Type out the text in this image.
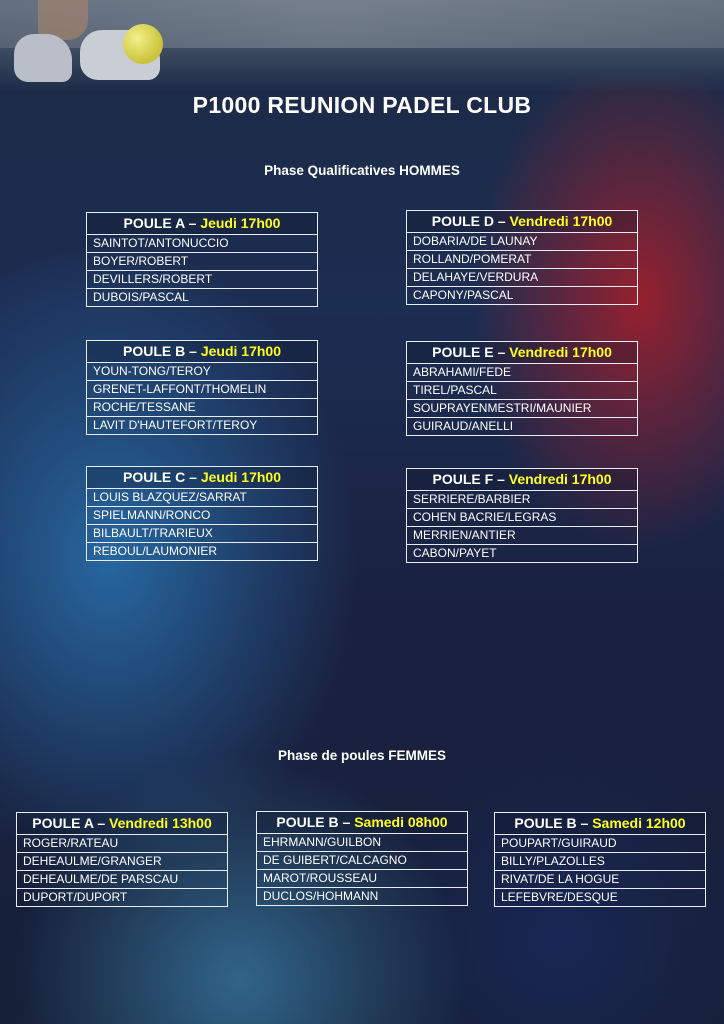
P1000 REUNION PADEL CLUB
Phase Qualificatives HOMMES
Phase de poules FEMMES
POULE A – Jeudi 17h00
SAINTOT/ANTONUCCIO
BOYER/ROBERT
DEVILLERS/ROBERT
DUBOIS/PASCAL
POULE D – Vendredi 17h00
DOBARIA/DE LAUNAY
ROLLAND/POMERAT
DELAHAYE/VERDURA
CAPONY/PASCAL
POULE B – Jeudi 17h00
YOUN-TONG/TEROY
GRENET-LAFFONT/THOMELIN
ROCHE/TESSANE
LAVIT D'HAUTEFORT/TEROY
POULE E – Vendredi 17h00
ABRAHAMI/FEDE
TIREL/PASCAL
SOUPRAYENMESTRI/MAUNIER
GUIRAUD/ANELLI
POULE C – Jeudi 17h00
LOUIS BLAZQUEZ/SARRAT
SPIELMANN/RONCO
BILBAULT/TRARIEUX
REBOUL/LAUMONIER
POULE F – Vendredi 17h00
SERRIERE/BARBIER
COHEN BACRIE/LEGRAS
MERRIEN/ANTIER
CABON/PAYET
POULE A – Vendredi 13h00
ROGER/RATEAU
DEHEAULME/GRANGER
DEHEAULME/DE PARSCAU
DUPORT/DUPORT
POULE B – Samedi 08h00
EHRMANN/GUILBON
DE GUIBERT/CALCAGNO
MAROT/ROUSSEAU
DUCLOS/HOHMANN
POULE B – Samedi 12h00
POUPART/GUIRAUD
BILLY/PLAZOLLES
RIVAT/DE LA HOGUE
LEFEBVRE/DESQUE
